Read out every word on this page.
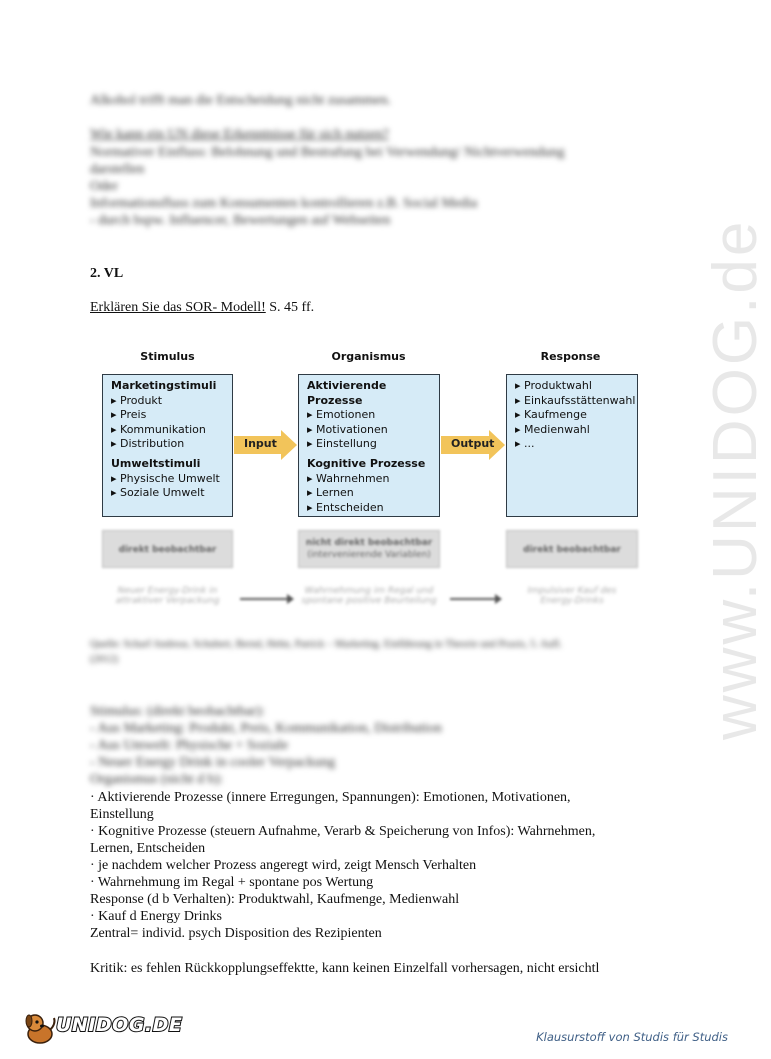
www.UNIDOG.de
Alkohol trifft man die Entscheidung nicht zusammen.
Wie kann ein UN diese Erkenntnisse für sich nutzen?
Normativer Einfluss: Belohnung und Bestrafung bei Verwendung/ Nichtverwendung
darstellen
Oder
Informationsfluss zum Konsumenten kontrollieren z.B. Social Media
- durch bspw. Influencer, Bewertungen auf Webseiten
2. VL
Erklären Sie das SOR- Modell! S. 45 ff.
Stimulus	Organismus	Response
Marketingstimuli
▸ Produkt
▸ Preis
▸ Kommunikation
▸ Distribution
Umweltstimuli
▸ Physische Umwelt
▸ Soziale Umwelt
Input
Aktivierende Prozesse
▸ Emotionen
▸ Motivationen
▸ Einstellung
Kognitive Prozesse
▸ Wahrnehmen
▸ Lernen
▸ Entscheiden
Output
▸ Produktwahl
▸ Einkaufsstättenwahl
▸ Kaufmenge
▸ Medienwahl
▸ ...
direkt beobachtbar
nicht direkt beobachtbar
(intervenierende Variablen)	direkt beobachtbar
Neuer Energy-Drink in
attraktiver Verpackung
Wahrnehmung im Regal und
spontane positive Beurteilung
Impulsiver Kauf des
Energy-Drinks
Quelle: Scharf Andreas, Schubert, Bernd, Hehn, Patrick – Marketing. Einführung in Theorie und Praxis, 5. Aufl.
(2012)
Stimulus: (direkt beobachtbar):
- Aus Marketing: Produkt, Preis, Kommunikation, Distribution
- Aus Umwelt: Physische + Soziale
- Neuer Energy Drink in cooler Verpackung
Organismus (nicht d b):
· Aktivierende Prozesse (innere Erregungen, Spannungen): Emotionen, Motivationen,
Einstellung
· Kognitive Prozesse (steuern Aufnahme, Verarb & Speicherung von Infos): Wahrnehmen,
Lernen, Entscheiden
· je nachdem welcher Prozess angeregt wird, zeigt Mensch Verhalten
· Wahrnehmung im Regal + spontane pos Wertung
Response (d b Verhalten): Produktwahl, Kaufmenge, Medienwahl
· Kauf d Energy Drinks
Zentral= individ. psych Disposition des Rezipienten
Kritik: es fehlen Rückkopplungseffektte, kann keinen Einzelfall vorhersagen, nicht ersichtl
UNIDOG.DE
Klausurstoff von Studis für Studis
